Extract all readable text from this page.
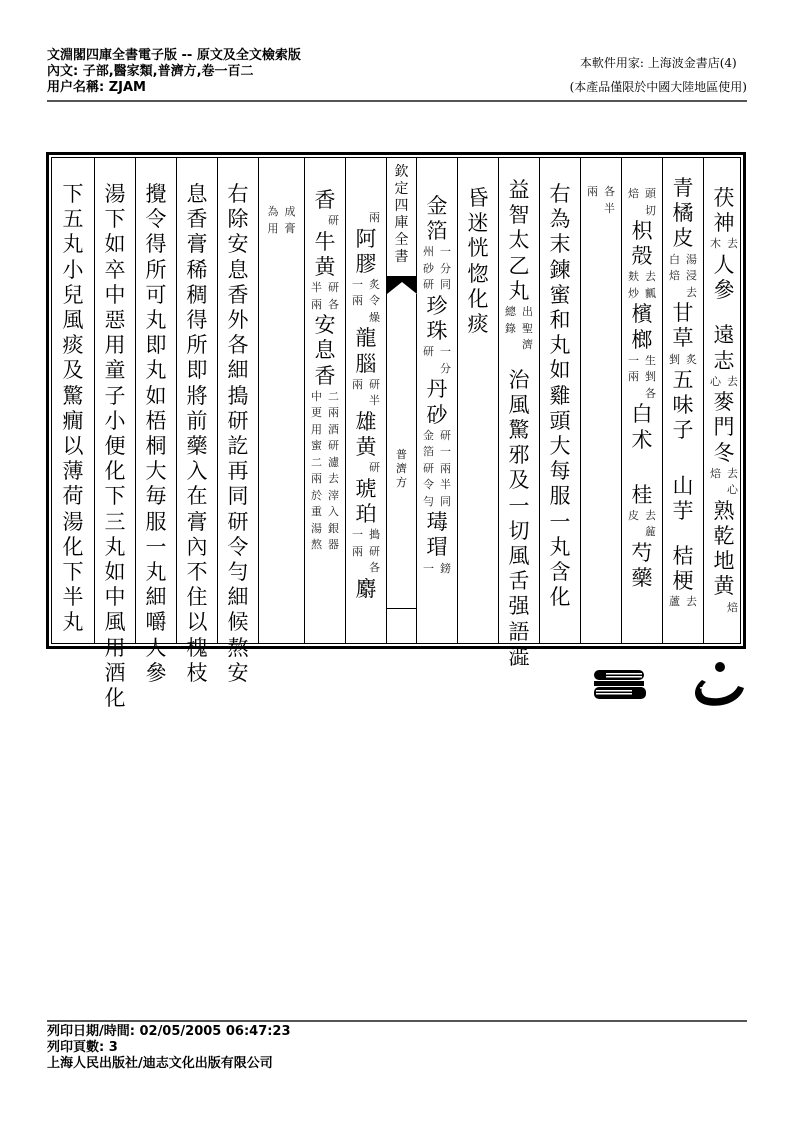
文淵閣四庫全書電子版 -- 原文及全文檢索版
內文: 子部,醫家類,普濟方,卷一百二
用户名稱: ZJAM
本軟件用家: 上海波金書店(4)
(本產品僅限於中國大陸地區使用)
茯神
去
木
人參
遠志
去
心
麥門冬
去心
焙
熟乾地黄
焙
青橘皮
湯浸去
白焙
甘草
炙
剉
五味子
山芋
桔梗
去
蘆
頭切
焙
枳殻
去瓤
麸炒
檳榔
生剉各
一兩
白术
桂
去麄
皮
芍藥
各半
兩
右為末鍊蜜和丸如雞頭大每服一丸含化
益智太乙丸
出聖濟
總錄
治風驚邪及一切風舌强語澁
昏迷恍惚化痰
金箔
一分同
州砂研
珍珠
一分
研
丹砂
研一兩半同
金箔研令勻
瑇瑁
鎊
一
兩
阿膠
炙令燥
一兩
龍腦
研半
兩
雄黄
研
琥珀
搗研各
一兩
麝
香
研
牛黄
研各
半兩
安息香
二兩酒研濾去滓入銀器
中更用蜜二兩於重湯熬
成膏
為用
右除安息香外各細搗研訖再同研令勻細候熬安
息香膏稀稠得所即將前藥入在膏內不住以槐枝
攪令得所可丸即丸如梧桐大毎服一丸細嚼人參
湯下如卒中惡用童子小便化下三丸如中風用酒化
下五丸小兒風痰及驚癇以薄荷湯化下半丸
欽定四庫全書
普濟方
列印日期/時間: 02/05/2005 06:47:23
列印頁數: 3
上海人民出版社/迪志文化出版有限公司
